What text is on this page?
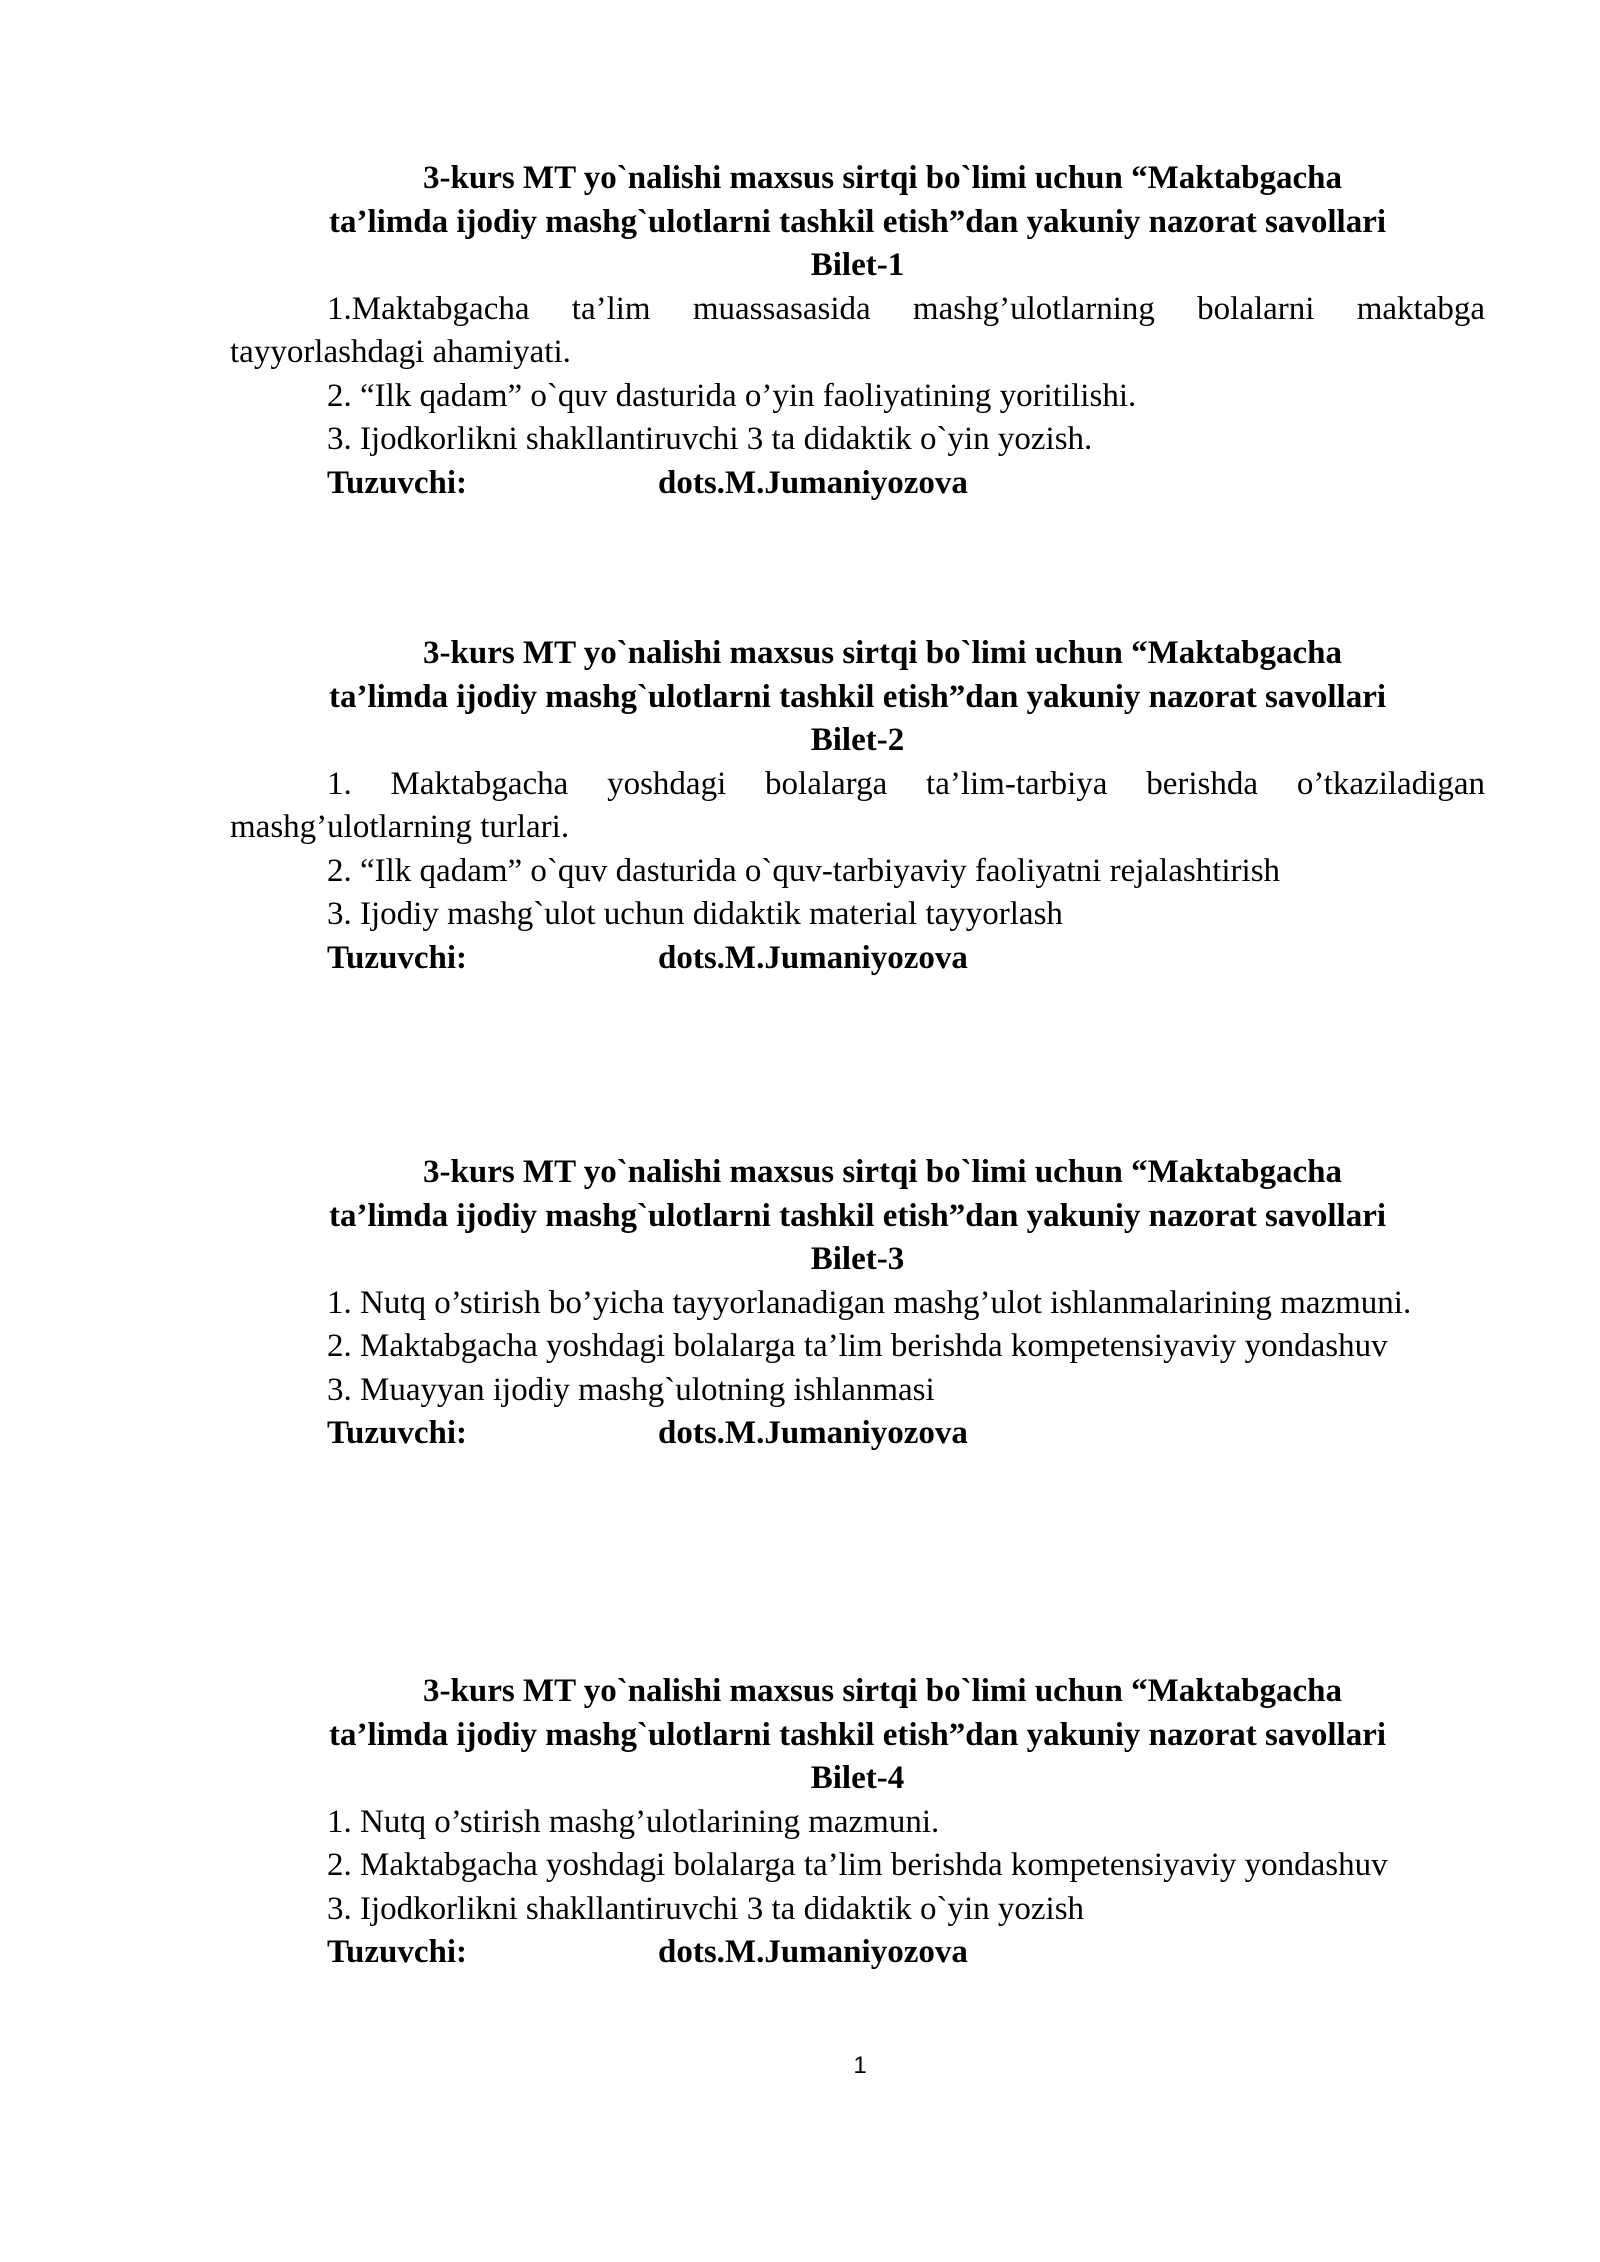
3-kurs MT yo`nalishi maxsus sirtqi bo`limi uchun “Maktabgacha
ta’limda ijodiy mashg`ulotlarni tashkil etish”dan yakuniy nazorat savollari
Bilet-1

1.Maktabgacha ta’lim muassasasida mashg’ulotlarning bolalarni maktabga tayyorlashdagi ahamiyati.

2. “Ilk qadam” o`quv dasturida o’yin faoliyatining yoritilishi.

3. Ijodkorlikni shakllantiruvchi 3 ta didaktik o`yin yozish.

Tuzuvchi:	dots.M.Jumaniyozova
3-kurs MT yo`nalishi maxsus sirtqi bo`limi uchun “Maktabgacha
ta’limda ijodiy mashg`ulotlarni tashkil etish”dan yakuniy nazorat savollari
Bilet-2

1. Maktabgacha yoshdagi bolalarga ta’lim-tarbiya berishda o’tkaziladigan mashg’ulotlarning turlari.

2. “Ilk qadam” o`quv dasturida o`quv-tarbiyaviy faoliyatni rejalashtirish

3. Ijodiy mashg`ulot uchun didaktik material tayyorlash

Tuzuvchi:	dots.M.Jumaniyozova
3-kurs MT yo`nalishi maxsus sirtqi bo`limi uchun “Maktabgacha
ta’limda ijodiy mashg`ulotlarni tashkil etish”dan yakuniy nazorat savollari
Bilet-3

1. Nutq o’stirish bo’yicha tayyorlanadigan mashg’ulot ishlanmalarining mazmuni.

2. Maktabgacha yoshdagi bolalarga ta’lim berishda kompetensiyaviy yondashuv

3. Muayyan ijodiy mashg`ulotning ishlanmasi

Tuzuvchi:	dots.M.Jumaniyozova
3-kurs MT yo`nalishi maxsus sirtqi bo`limi uchun “Maktabgacha
ta’limda ijodiy mashg`ulotlarni tashkil etish”dan yakuniy nazorat savollari
Bilet-4

1. Nutq o’stirish mashg’ulotlarining mazmuni.

2. Maktabgacha yoshdagi bolalarga ta’lim berishda kompetensiyaviy yondashuv

3. Ijodkorlikni shakllantiruvchi 3 ta didaktik o`yin yozish

Tuzuvchi:	dots.M.Jumaniyozova
1
